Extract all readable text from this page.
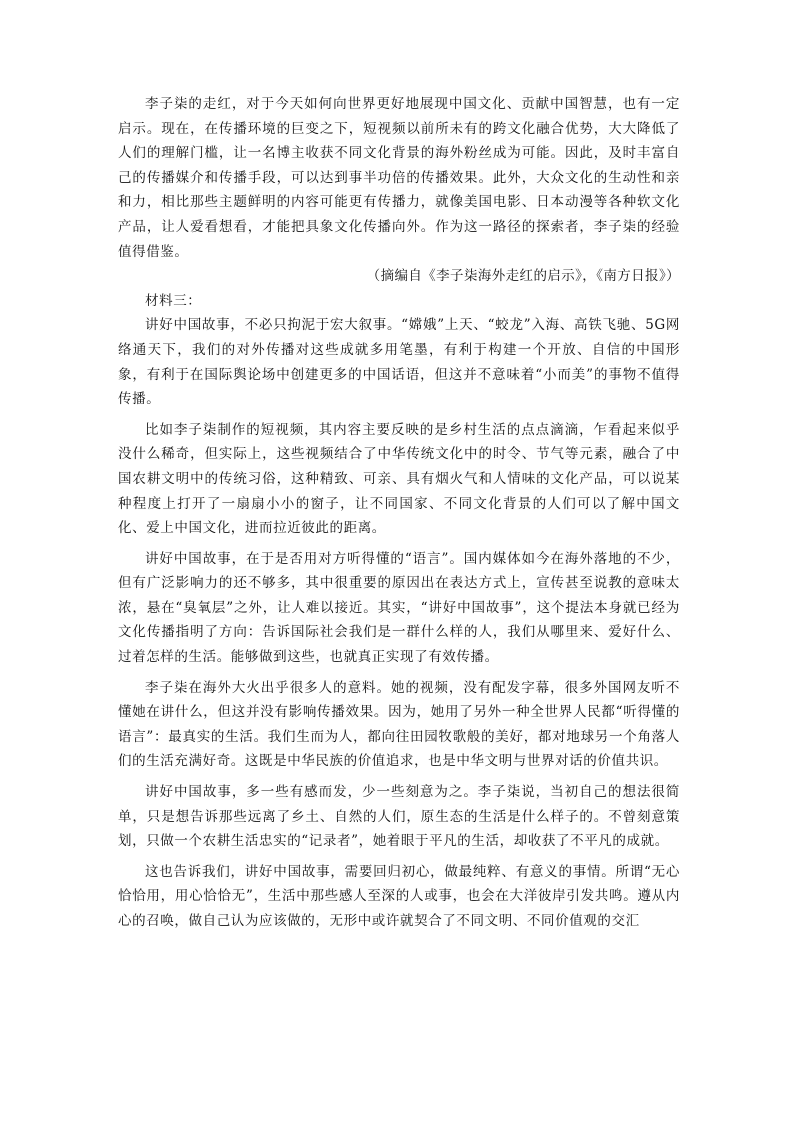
李子柒的走红，对于今天如何向世界更好地展现中国文化、贡献中国智慧，也有一定启示。现在，在传播环境的巨变之下，短视频以前所未有的跨文化融合优势，大大降低了人们的理解门槛，让一名博主收获不同文化背景的海外粉丝成为可能。因此，及时丰富自己的传播媒介和传播手段，可以达到事半功倍的传播效果。此外，大众文化的生动性和亲和力，相比那些主题鲜明的内容可能更有传播力，就像美国电影、日本动漫等各种软文化产品，让人爱看想看，才能把具象文化传播向外。作为这一路径的探索者，李子柒的经验值得借鉴。

（摘编自《李子柒海外走红的启示》，《南方日报》）

材料三：

讲好中国故事，不必只拘泥于宏大叙事。“嫦娥”上天、“蛟龙”入海、高铁飞驰、5G网络通天下，我们的对外传播对这些成就多用笔墨，有利于构建一个开放、自信的中国形象，有利于在国际舆论场中创建更多的中国话语，但这并不意味着“小而美”的事物不值得传播。

比如李子柒制作的短视频，其内容主要反映的是乡村生活的点点滴滴，乍看起来似乎没什么稀奇，但实际上，这些视频结合了中华传统文化中的时令、节气等元素，融合了中国农耕文明中的传统习俗，这种精致、可亲、具有烟火气和人情味的文化产品，可以说某种程度上打开了一扇扇小小的窗子，让不同国家、不同文化背景的人们可以了解中国文化、爱上中国文化，进而拉近彼此的距离。

讲好中国故事，在于是否用对方听得懂的“语言”。国内媒体如今在海外落地的不少，但有广泛影响力的还不够多，其中很重要的原因出在表达方式上，宣传甚至说教的意味太浓，悬在“臭氧层”之外，让人难以接近。其实，“讲好中国故事”，这个提法本身就已经为文化传播指明了方向：告诉国际社会我们是一群什么样的人，我们从哪里来、爱好什么、过着怎样的生活。能够做到这些，也就真正实现了有效传播。

李子柒在海外大火出乎很多人的意料。她的视频，没有配发字幕，很多外国网友听不懂她在讲什么，但这并没有影响传播效果。因为，她用了另外一种全世界人民都“听得懂的语言”：最真实的生活。我们生而为人，都向往田园牧歌般的美好，都对地球另一个角落人们的生活充满好奇。这既是中华民族的价值追求，也是中华文明与世界对话的价值共识。

讲好中国故事，多一些有感而发，少一些刻意为之。李子柒说，当初自己的想法很简单，只是想告诉那些远离了乡土、自然的人们，原生态的生活是什么样子的。不曾刻意策划，只做一个农耕生活忠实的“记录者”，她着眼于平凡的生活，却收获了不平凡的成就。

这也告诉我们，讲好中国故事，需要回归初心，做最纯粹、有意义的事情。所谓“无心恰恰用，用心恰恰无”，生活中那些感人至深的人或事，也会在大洋彼岸引发共鸣。遵从内心的召唤，做自己认为应该做的，无形中或许就契合了不同文明、不同价值观的交汇
